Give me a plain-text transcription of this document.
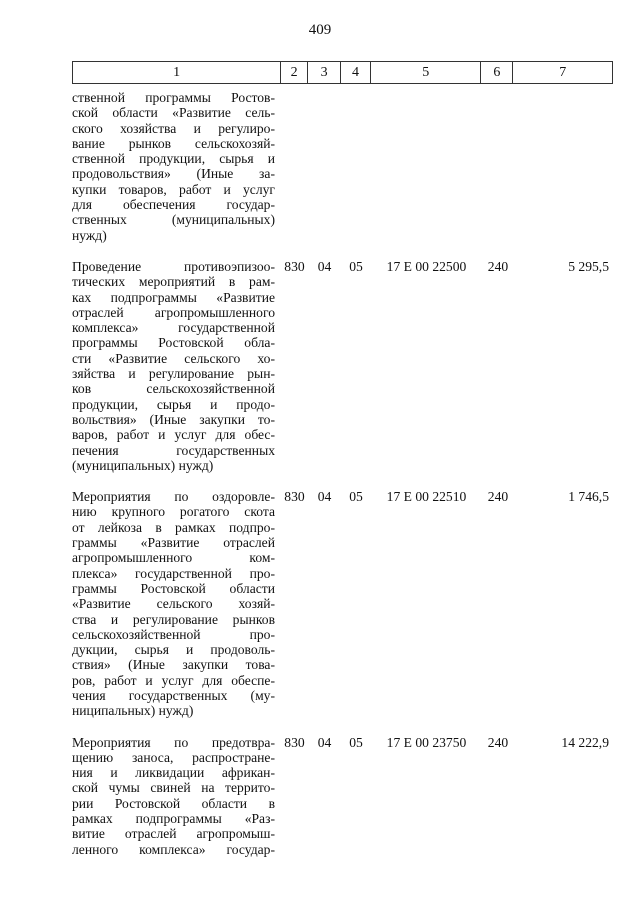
409
1	2	3	4	5	6	7
ственной программы Ростов-
ской области «Развитие сель-
ского хозяйства и регулиро-
вание рынков сельскохозяй-
ственной продукции, сырья и
продовольствия» (Иные за-
купки товаров, работ и услуг
для обеспечения государ-
ственных (муниципальных)
нужд)
Проведение противоэпизоо-
тических мероприятий в рам-
ках подпрограммы «Развитие
отраслей агропромышленного
комплекса» государственной
программы Ростовской обла-
сти «Развитие сельского хо-
зяйства и регулирование рын-
ков сельскохозяйственной
продукции, сырья и продо-
вольствия» (Иные закупки то-
варов, работ и услуг для обес-
печения государственных
(муниципальных) нужд)
830 04	05	17 Е 00 22500	240	5 295,5
Мероприятия по оздоровле-
нию крупного рогатого скота
от лейкоза в рамках подпро-
граммы «Развитие отраслей
агропромышленного ком-
плекса» государственной про-
граммы Ростовской области
«Развитие сельского хозяй-
ства и регулирование рынков
сельскохозяйственной про-
дукции, сырья и продоволь-
ствия» (Иные закупки това-
ров, работ и услуг для обеспе-
чения государственных (му-
ниципальных) нужд)
830 04	05	17 Е 00 22510	240	1 746,5
Мероприятия по предотвра-
щению заноса, распростране-
ния и ликвидации африкан-
ской чумы свиней на террито-
рии Ростовской области в
рамках подпрограммы «Раз-
витие отраслей агропромыш-
ленного комплекса» государ-
830 04	05	17 Е 00 23750	240	14 222,9
